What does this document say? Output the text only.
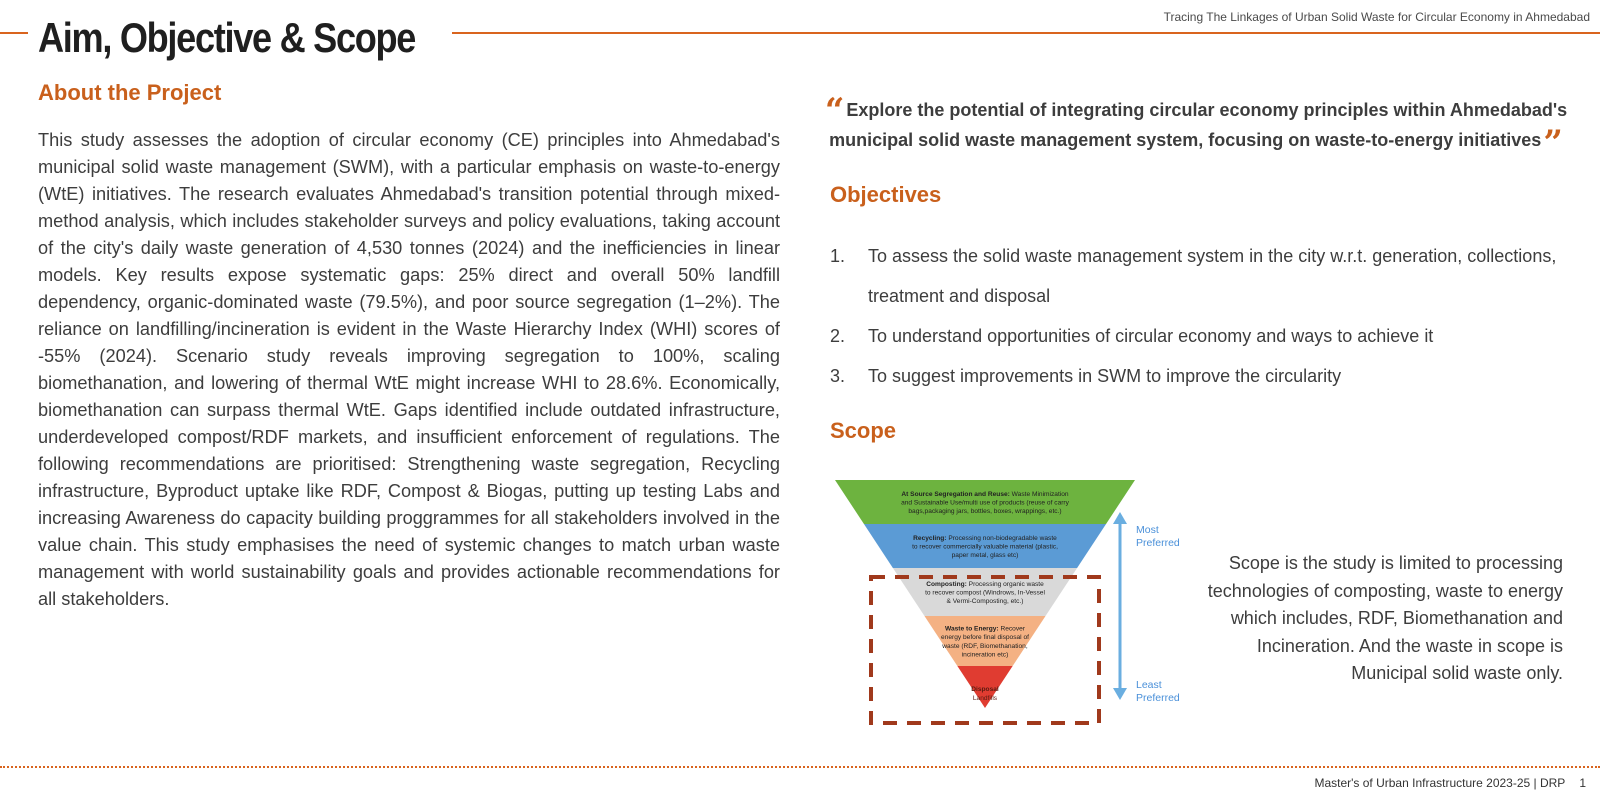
Tracing The Linkages of Urban Solid Waste for Circular Economy in Ahmedabad
Aim, Objective & Scope
About the Project
This study assesses the adoption of circular economy (CE) principles into Ahmedabad's municipal solid waste management (SWM), with a particular emphasis on waste-to-energy (WtE) initiatives. The research evaluates Ahmedabad's transition potential through mixed-method analysis, which includes stakeholder surveys and policy evaluations, taking account of the city's daily waste generation of 4,530 tonnes (2024) and the inefficiencies in linear models. Key results expose systematic gaps: 25% direct and overall 50% landfill dependency, organic-dominated waste (79.5%), and poor source segregation (1–2%). The reliance on landfilling/incineration is evident in the Waste Hierarchy Index (WHI) scores of -55% (2024). Scenario study reveals improving segregation to 100%, scaling biomethanation, and lowering of thermal WtE might increase WHI to 28.6%. Economically, biomethanation can surpass thermal WtE. Gaps identified include outdated infrastructure, underdeveloped compost/RDF markets, and insufficient enforcement of regulations. The following recommendations are prioritised: Strengthening waste segregation, Recycling infrastructure, Byproduct uptake like RDF, Compost & Biogas, putting up testing Labs and increasing Awareness do capacity building proggrammes for all stakeholders involved in the value chain. This study emphasises the need of systemic changes to match urban waste management with world sustainability goals and provides actionable recommendations for all stakeholders.
“ Explore the potential of integrating circular economy principles within Ahmedabad's municipal solid waste management system, focusing on waste-to-energy initiatives”
Objectives
1.	To assess the solid waste management system in the city w.r.t. generation, collections, treatment and disposal
2.	To understand opportunities of circular economy and ways to achieve it
3.	To suggest improvements in SWM to improve the circularity
Scope
At Source Segregation and Reuse: Waste Minimization
and Sustainable Use/multi use of products (reuse of carry
bags,packaging jars, bottles, boxes, wrappings, etc.)
Recycling: Processing non-biodegradable waste
to recover commercially valuable material (plastic,
paper metal, glass etc)
Composting: Processing organic waste
to recover compost (Windrows, In-Vessel
& Vermi-Composting, etc.)
Waste to Energy: Recover
energy before final disposal of
waste (RDF, Biomethanation,
incineration etc)
Disposal
Landfills
Most
Preferred
Least
Preferred
Scope is the study is limited to processing technologies of composting, waste to energy which includes, RDF, Biomethanation and Incineration. And the waste in scope is Municipal solid waste only.
Master's of Urban Infrastructure 2023-25 | DRP 1
